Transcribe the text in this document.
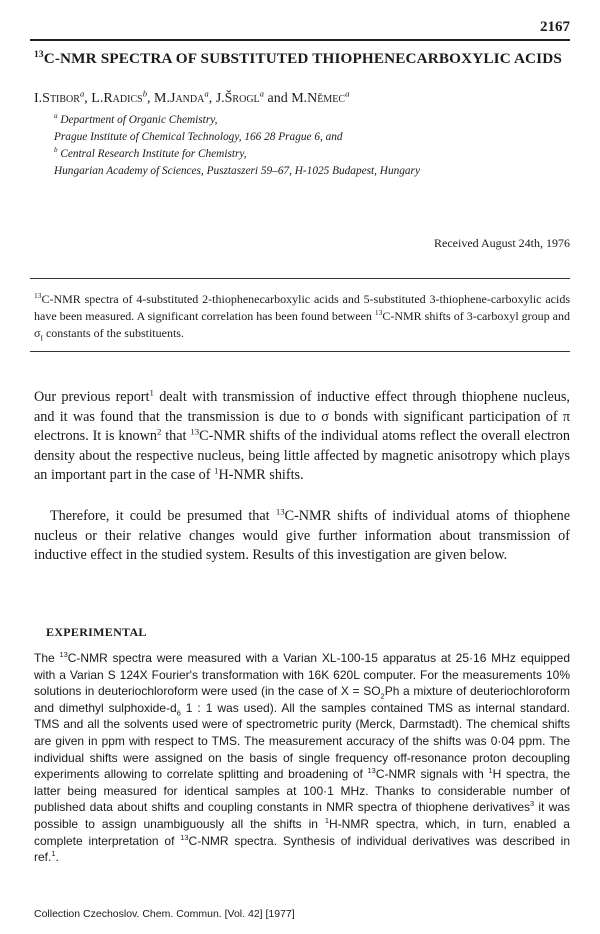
2167
$^{13}$C-NMR SPECTRA OF SUBSTITUTED THIOPHENECARBOXYLIC ACIDS
I.Stibor$^a$, L.Radics$^b$, M.Janda$^a$, J.Šrogl$^a$ and M.Němec$^a$
$^a$ Department of Organic Chemistry,
Prague Institute of Chemical Technology, 166 28 Prague 6, and
$^b$ Central Research Institute for Chemistry,
Hungarian Academy of Sciences, Pusztaszeri 59–67, H-1025 Budapest, Hungary
Received August 24th, 1976
$^{13}$C-NMR spectra of 4-substituted 2-thiophenecarboxylic acids and 5-substituted 3-thiophene-carboxylic acids have been measured. A significant correlation has been found between $^{13}$C-NMR shifts of 3-carboxyl group and $\sigma_I$ constants of the substituents.
Our previous report$^1$ dealt with transmission of inductive effect through thiophene nucleus, and it was found that the transmission is due to σ bonds with significant participation of π electrons. It is known$^2$ that $^{13}$C-NMR shifts of the individual atoms reflect the overall electron density about the respective nucleus, being little affected by magnetic anisotropy which plays an important part in the case of $^1$H-NMR shifts.
Therefore, it could be presumed that $^{13}$C-NMR shifts of individual atoms of thiophene nucleus or their relative changes would give further information about transmission of inductive effect in the studied system. Results of this investigation are given below.
EXPERIMENTAL
The $^{13}$C-NMR spectra were measured with a Varian XL-100-15 apparatus at 25·16 MHz equipped with a Varian S 124X Fourier's transformation with 16K 620L computer. For the measurements 10% solutions in deuteriochloroform were used (in the case of $X = SO_2Ph$ a mixture of deuteriochloroform and dimethyl sulphoxide-$d_6$ 1 : 1 was used). All the samples contained TMS as internal standard. TMS and all the solvents used were of spectrometric purity (Merck, Darmstadt). The chemical shifts are given in ppm with respect to TMS. The measurement accuracy of the shifts was 0·04 ppm. The individual shifts were assigned on the basis of single frequency off-resonance proton decoupling experiments allowing to correlate splitting and broadening of $^{13}$C-NMR signals with $^1$H spectra, the latter being measured for identical samples at 100·1 MHz. Thanks to considerable number of published data about shifts and coupling constants in NMR spectra of thiophene derivatives$^3$ it was possible to assign unambiguously all the shifts in $^1$H-NMR spectra, which, in turn, enabled a complete interpretation of $^{13}$C-NMR spectra. Synthesis of individual derivatives was described in ref.$^1$.
Collection Czechoslov. Chem. Commun. [Vol. 42] [1977]
